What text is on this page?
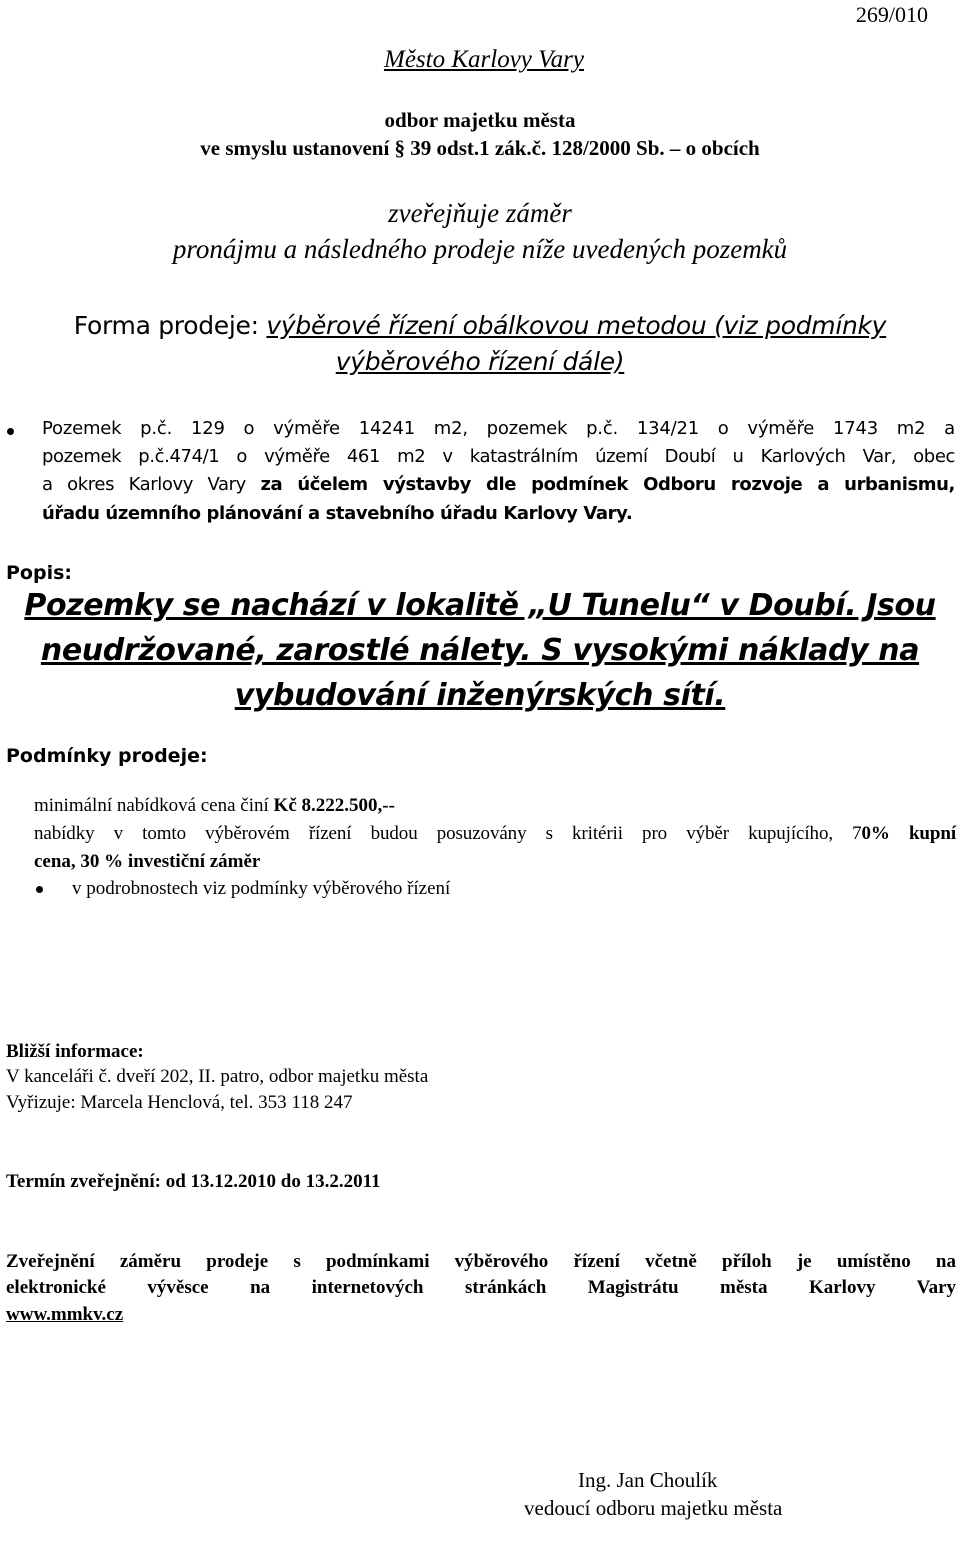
269/010
Město Karlovy Vary
odbor majetku města
ve smyslu ustanovení § 39 odst.1 zák.č. 128/2000 Sb. – o obcích
zveřejňuje záměr
pronájmu a následného prodeje níže uvedených pozemků
Forma prodeje: výběrové řízení obálkovou metodou (viz podmínky
výběrového řízení dále)
Pozemek p.č. 129 o výměře 14241 m2, pozemek p.č. 134/21 o výměře 1743 m2 a
pozemek p.č.474/1 o výměře 461 m2 v katastrálním území Doubí u Karlových Var, obec
a okres Karlovy Vary za účelem výstavby dle podmínek Odboru rozvoje a urbanismu,
úřadu územního plánování a stavebního úřadu Karlovy Vary.
Popis:
Pozemky se nachází v lokalitě „U Tunelu“ v Doubí. Jsou
neudržované, zarostlé nálety. S vysokými náklady na
vybudování inženýrských sítí.
Podmínky prodeje:
minimální nabídková cena činí Kč 8.222.500,--
nabídky v tomto výběrovém řízení budou posuzovány s kritérii pro výběr kupujícího, 70% kupní
cena, 30 % investiční záměr
v podrobnostech viz podmínky výběrového řízení
Bližší informace:
V kanceláři č. dveří 202, II. patro, odbor majetku města
Vyřizuje: Marcela Henclová, tel. 353 118 247
Termín zveřejnění: od 13.12.2010 do 13.2.2011
Zveřejnění záměru prodeje s podmínkami výběrového řízení včetně příloh je umístěno na
elektronické vývěsce na internetových stránkách Magistrátu města Karlovy Vary
www.mmkv.cz
Ing. Jan Choulík
vedoucí odboru majetku města
